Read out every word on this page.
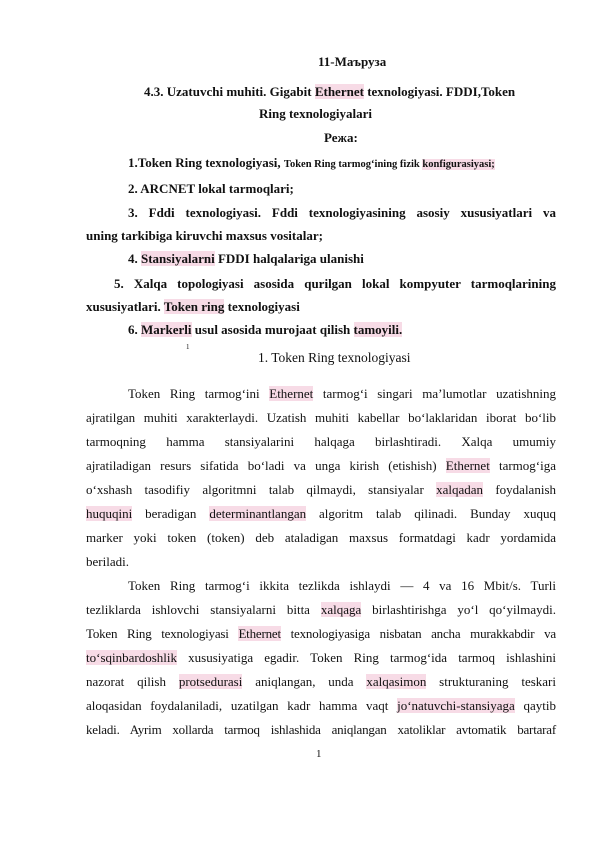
11-Маъруза
4.3. Uzatuvchi muhiti. Gigabit Ethernet texnologiyasi. FDDI,Token
Ring texnologiyalari
Режа:
1.Token Ring texnologiyasi, Token Ring tarmog‘ining fizik konfigurasiyasi;
2. ARCNET lokal tarmoqlari;
3. Fddi texnologiyasi. Fddi texnologiyasining asosiy xususiyatlari va
uning tarkibiga kiruvchi maxsus vositalar;
4. Stansiyalarni FDDI halqalariga ulanishi
5. Xalqa topologiyasi asosida qurilgan lokal kompyuter tarmoqlarining
xususiyatlari. Token ring texnologiyasi
6. Markerli usul asosida murojaat qilish tamoyili.
1
1. Token Ring texnologiyasi
Token Ring tarmog‘ini Ethernet tarmog‘i singari ma’lumotlar uzatishning
ajratilgan muhiti xarakterlaydi. Uzatish muhiti kabellar bo‘laklaridan iborat bo‘lib
tarmoqning hamma stansiyalarini halqaga birlashtiradi. Xalqa umumiy
ajratiladigan resurs sifatida bo‘ladi va unga kirish (etishish) Ethernet tarmog‘iga
o‘xshash tasodifiy algoritmni talab qilmaydi, stansiyalar xalqadan foydalanish
huquqini beradigan determinantlangan algoritm talab qilinadi. Bunday xuquq
marker yoki token (token) deb ataladigan maxsus formatdagi kadr yordamida
beriladi.
Token Ring tarmog‘i ikkita tezlikda ishlaydi — 4 va 16 Mbit/s. Turli
tezliklarda ishlovchi stansiyalarni bitta xalqaga birlashtirishga yo‘l qo‘yilmaydi.
Token Ring texnologiyasi Ethernet texnologiyasiga nisbatan ancha murakkabdir va
to‘sqinbardoshlik xususiyatiga egadir. Token Ring tarmog‘ida tarmoq ishlashini
nazorat qilish protsedurasi aniqlangan, unda xalqasimon strukturaning teskari
aloqasidan foydalaniladi, uzatilgan kadr hamma vaqt jo‘natuvchi-stansiyaga qaytib
keladi. Ayrim xollarda tarmoq ishlashida aniqlangan xatoliklar avtomatik bartaraf
1
